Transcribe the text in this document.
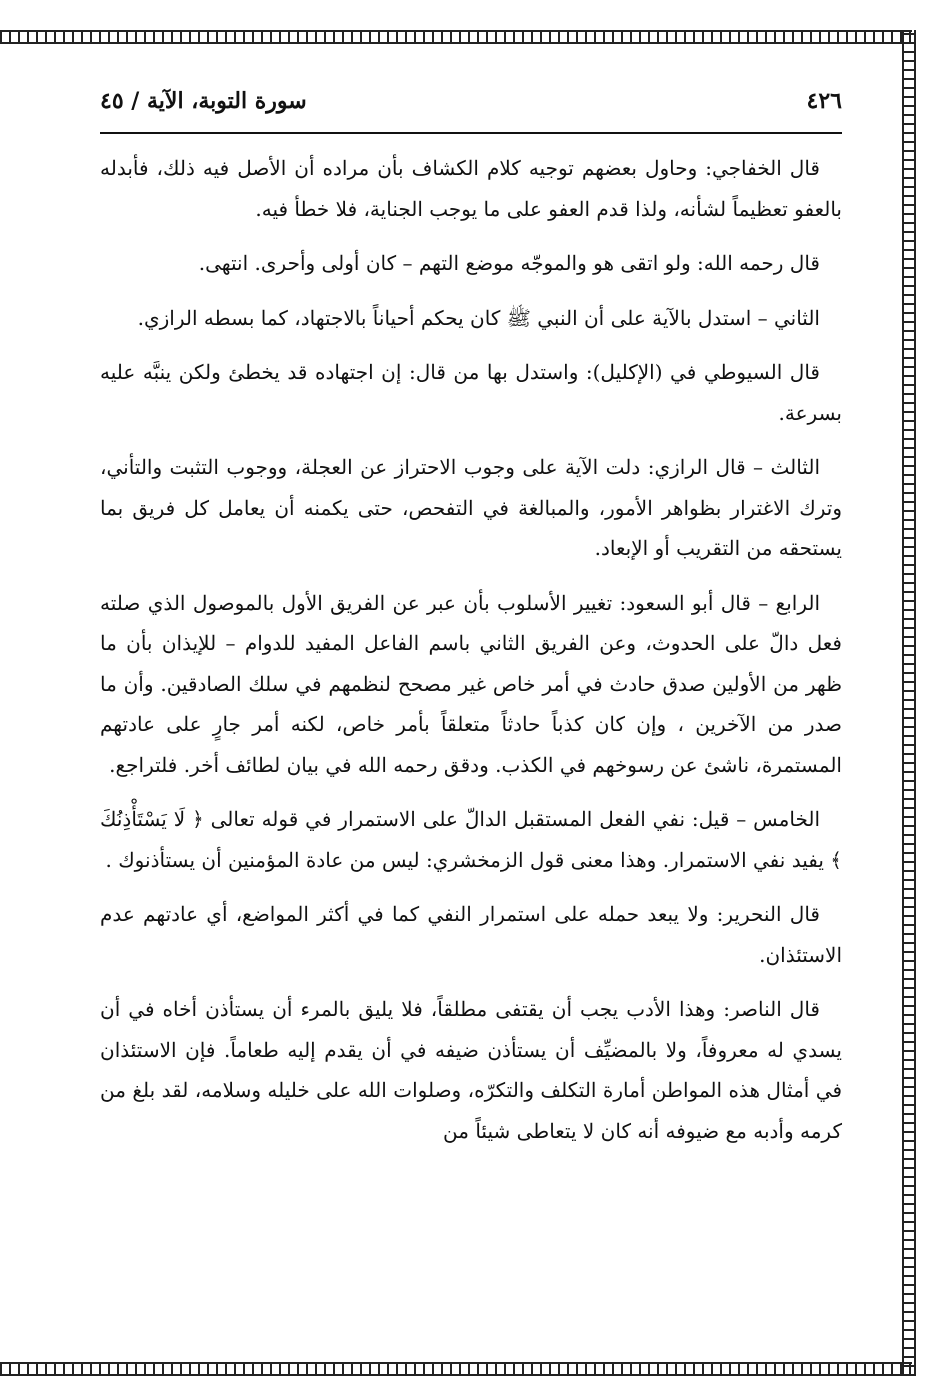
٤٢٦
سورة التوبة، الآية / ٤٥

قال الخفاجي: وحاول بعضهم توجيه كلام الكشاف بأن مراده أن الأصل فيه ذلك، فأبدله بالعفو تعظيماً لشأنه، ولذا قدم العفو على ما يوجب الجناية، فلا خطأ فيه.

قال رحمه الله: ولو اتقى هو والموجّه موضع التهم – كان أولى وأحرى. انتهى.

الثاني – استدل بالآية على أن النبي ﷺ كان يحكم أحياناً بالاجتهاد، كما بسطه الرازي.

قال السيوطي في (الإكليل): واستدل بها من قال: إن اجتهاده قد يخطئ ولكن ينبَّه عليه بسرعة.

الثالث – قال الرازي: دلت الآية على وجوب الاحتراز عن العجلة، ووجوب التثبت والتأني، وترك الاغترار بظواهر الأمور، والمبالغة في التفحص، حتى يكمنه أن يعامل كل فريق بما يستحقه من التقريب أو الإبعاد.

الرابع – قال أبو السعود: تغيير الأسلوب بأن عبر عن الفريق الأول بالموصول الذي صلته فعل دالّ على الحدوث، وعن الفريق الثاني باسم الفاعل المفيد للدوام – للإيذان بأن ما ظهر من الأولين صدق حادث في أمر خاص غير مصحح لنظمهم في سلك الصادقين. وأن ما صدر من الآخرين ، وإن كان كذباً حادثاً متعلقاً بأمر خاص، لكنه أمر جارٍ على عادتهم المستمرة، ناشئ عن رسوخهم في الكذب. ودقق رحمه الله في بيان لطائف أخر. فلتراجع.

الخامس – قيل: نفي الفعل المستقبل الدالّ على الاستمرار في قوله تعالى ﴿ لَا يَسْتَأْذِنُكَ ﴾ يفيد نفي الاستمرار. وهذا معنى قول الزمخشري: ليس من عادة المؤمنين أن يستأذنوك .

قال النحرير: ولا يبعد حمله على استمرار النفي كما في أكثر المواضع، أي عادتهم عدم الاستئذان.

قال الناصر: وهذا الأدب يجب أن يقتفى مطلقاً، فلا يليق بالمرء أن يستأذن أخاه في أن يسدي له معروفاً، ولا بالمضيِّف أن يستأذن ضيفه في أن يقدم إليه طعاماً. فإن الاستئذان في أمثال هذه المواطن أمارة التكلف والتكرّه، وصلوات الله على خليله وسلامه، لقد بلغ من كرمه وأدبه مع ضيوفه أنه كان لا يتعاطى شيئاً من
